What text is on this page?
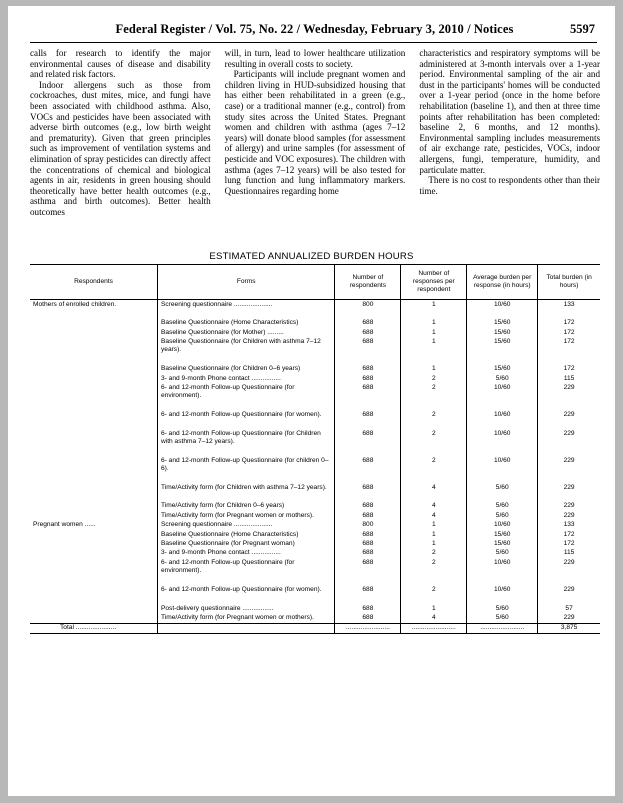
Federal Register / Vol. 75, No. 22 / Wednesday, February 3, 2010 / Notices	5597

calls for research to identify the major environmental causes of disease and disability and related risk factors.

Indoor allergens such as those from cockroaches, dust mites, mice, and fungi have been associated with childhood asthma. Also, VOCs and pesticides have been associated with adverse birth outcomes (e.g., low birth weight and prematurity). Given that green principles such as improvement of ventilation systems and elimination of spray pesticides can directly affect the concentrations of chemical and biological agents in air, residents in green housing should theoretically have better health outcomes (e.g., asthma and birth outcomes). Better health outcomes

will, in turn, lead to lower healthcare utilization resulting in overall costs to society.

Participants will include pregnant women and children living in HUD-subsidized housing that has either been rehabilitated in a green (e.g., case) or a traditional manner (e.g., control) from study sites across the United States. Pregnant women and children with asthma (ages 7–12 years) will donate blood samples (for assessment of allergy) and urine samples (for assessment of pesticide and VOC exposures). The children with asthma (ages 7–12 years) will be also tested for lung function and lung inflammatory markers. Questionnaires regarding home

characteristics and respiratory symptoms will be administered at 3-month intervals over a 1-year period. Environmental sampling of the air and dust in the participants' homes will be conducted over a 1-year period (once in the home before rehabilitation (baseline 1), and then at three time points after rehabilitation has been completed: baseline 2, 6 months, and 12 months). Environmental sampling includes measurements of air exchange rate, pesticides, VOCs, indoor allergens, fungi, temperature, humidity, and particulate matter.

There is no cost to respondents other than their time.

ESTIMATED ANNUALIZED BURDEN HOURS
Respondents	Forms	Number of respondents	Number of responses per respondent	Average burden per response (in hours)	Total burden (in hours)
Mothers of enrolled children.	Screening questionnaire .....................	800	1	10/60	133

	Baseline Questionnaire (Home Characteristics)	688	1	15/60	172
	Baseline Questionnaire (for Mother) .........	688	1	15/60	172
	Baseline Questionnaire (for Children with asthma 7–12 years).	688	1	15/60	172

	Baseline Questionnaire (for Children 0–6 years)	688	1	15/60	172
	3- and 9-month Phone contact ................	688	2	5/60	115
	6- and 12-month Follow-up Questionnaire (for environment).	688	2	10/60	229

	6- and 12-month Follow-up Questionnaire (for women).	688	2	10/60	229

	6- and 12-month Follow-up Questionnaire (for Children with asthma 7–12 years).	688	2	10/60	229

	6- and 12-month Follow-up Questionnaire (for children 0–6).	688	2	10/60	229

	Time/Activity form (for Children with asthma 7–12 years).	688	4	5/60	229

	Time/Activity form (for Children 0–6 years)	688	4	5/60	229
	Time/Activity form (for Pregnant women or mothers).	688	4	5/60	229
Pregnant women ......	Screening questionnaire .....................	800	1	10/60	133
	Baseline Questionnaire (Home Characteristics)	688	1	15/60	172
	Baseline Questionnaire (for Pregnant woman)	688	1	15/60	172
	3- and 9-month Phone contact ................	688	2	5/60	115
	6- and 12-month Follow-up Questionnaire (for environment).	688	2	10/60	229

	6- and 12-month Follow-up Questionnaire (for women).	688	2	10/60	229

	Post-delivery questionnaire .................	688	1	5/60	57
	Time/Activity form (for Pregnant women or mothers).	688	4	5/60	229
Total ......................		........................	........................	........................	3,875
